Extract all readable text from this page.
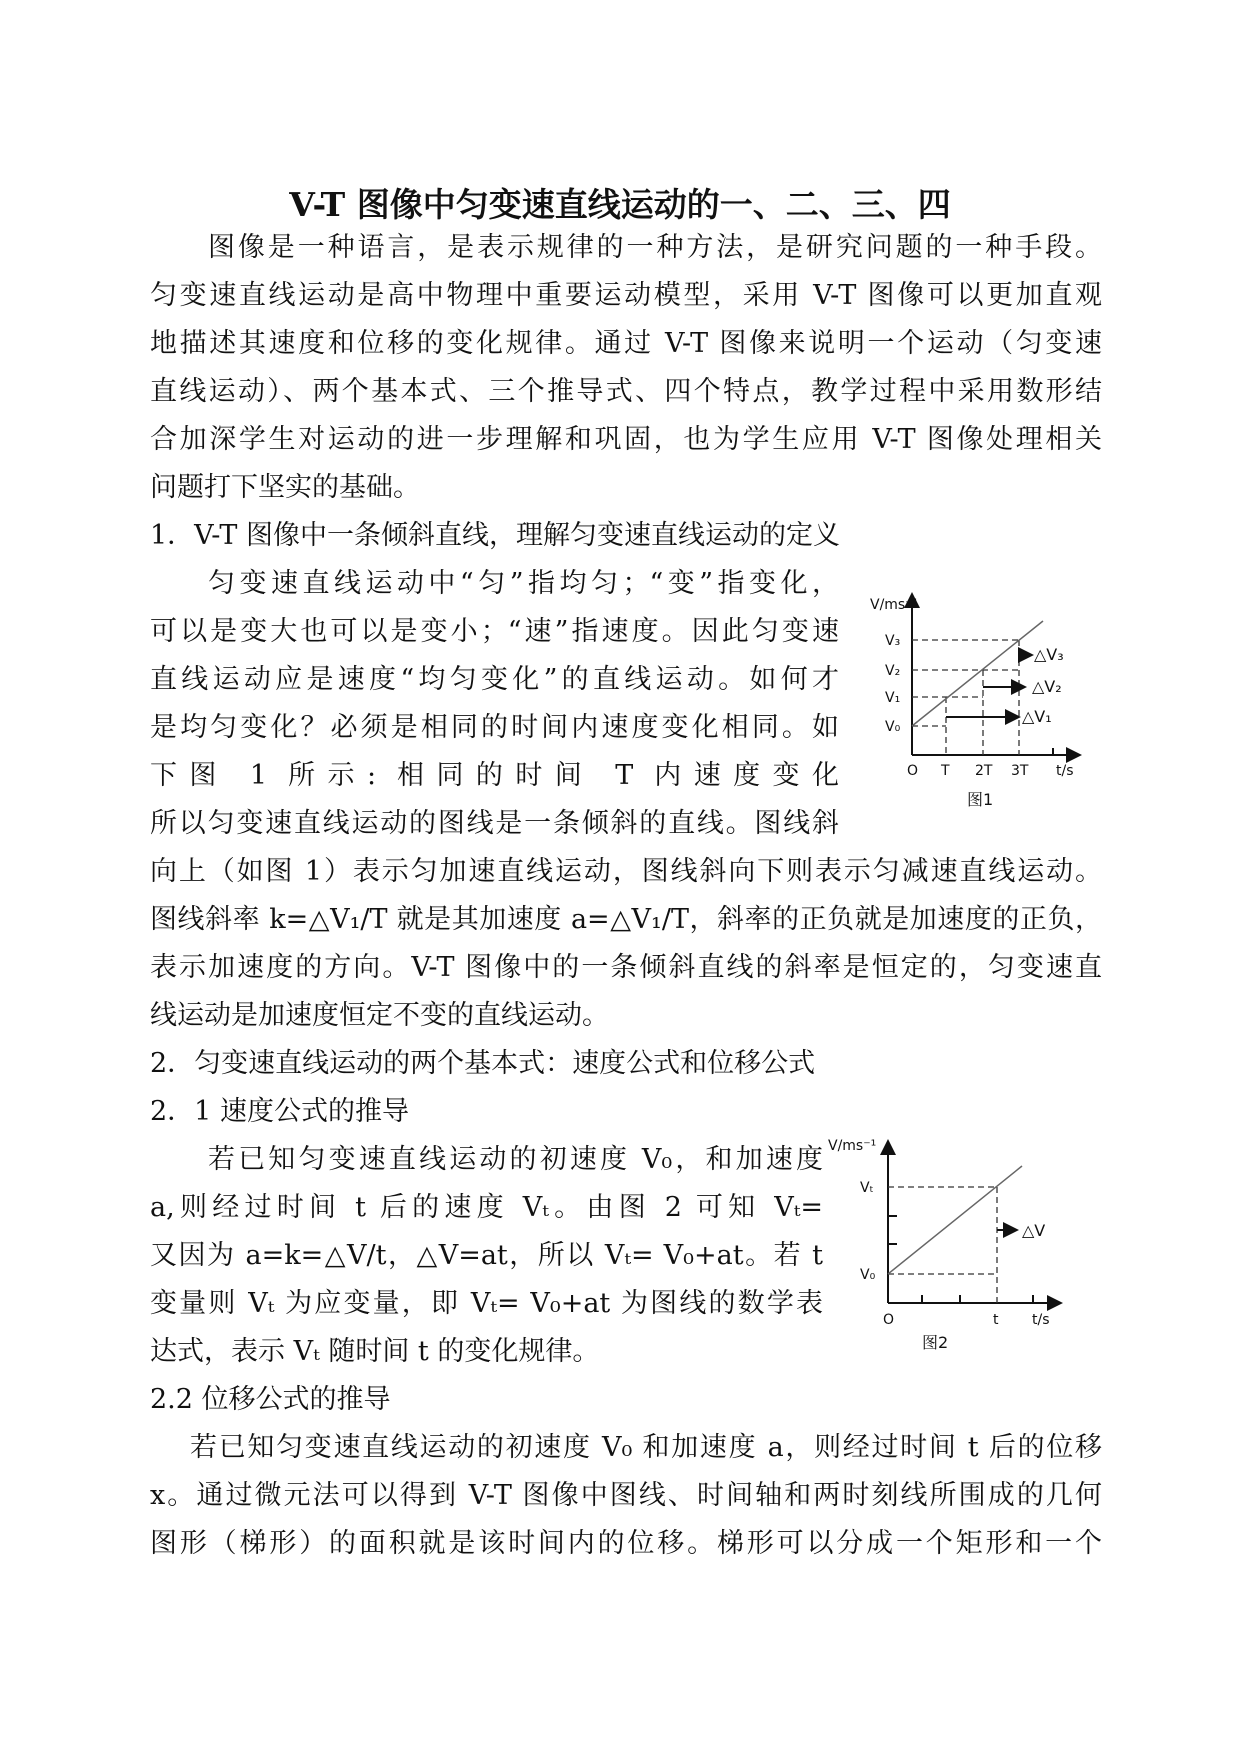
V-T 图像中匀变速直线运动的一、二、三、四
图像是一种语言，是表示规律的一种方法，是研究问题的一种手段。
匀变速直线运动是高中物理中重要运动模型，采用 V-T 图像可以更加直观
地描述其速度和位移的变化规律。通过 V-T 图像来说明一个运动（匀变速
直线运动）、两个基本式、三个推导式、四个特点，教学过程中采用数形结
合加深学生对运动的进一步理解和巩固，也为学生应用 V-T 图像处理相关
问题打下坚实的基础。
1．V-T 图像中一条倾斜直线，理解匀变速直线运动的定义
匀变速直线运动中“匀”指均匀；“变”指变化，
可以是变大也可以是变小；“速”指速度。因此匀变速
直线运动应是速度“均匀变化”的直线运动。如何才
是均匀变化？必须是相同的时间内速度变化相同。如
下图 1 所示: 相同的时间 T 内速度变化
所以匀变速直线运动的图线是一条倾斜的直线。图线斜
向上（如图 1）表示匀加速直线运动，图线斜向下则表示匀减速直线运动。
图线斜率 k=△V₁/T 就是其加速度 a=△V₁/T，斜率的正负就是加速度的正负，
表示加速度的方向。V-T 图像中的一条倾斜直线的斜率是恒定的，匀变速直
线运动是加速度恒定不变的直线运动。
2．匀变速直线运动的两个基本式：速度公式和位移公式
2．1 速度公式的推导
若已知匀变速直线运动的初速度 V₀，和加速度
a,则经过时间 t 后的速度 Vₜ。由图 2 可知 Vₜ=
又因为 a=k=△V/t，△V=at，所以 Vₜ= V₀+at。若 t
变量则 Vₜ 为应变量，即 Vₜ= V₀+at 为图线的数学表
达式，表示 Vₜ 随时间 t 的变化规律。
2.2 位移公式的推导
若已知匀变速直线运动的初速度 V₀ 和加速度 a，则经过时间 t 后的位移
x。通过微元法可以得到 V-T 图像中图线、时间轴和两时刻线所围成的几何
图形（梯形）的面积就是该时间内的位移。梯形可以分成一个矩形和一个
V/ms⁻¹
t/s
O T 2T 3T
V₀
V₁
V₂
V₃
△V₁
△V₂
△V₃
图1
V/ms⁻¹
t/s
O	t
V₀
Vₜ
△V
图2
